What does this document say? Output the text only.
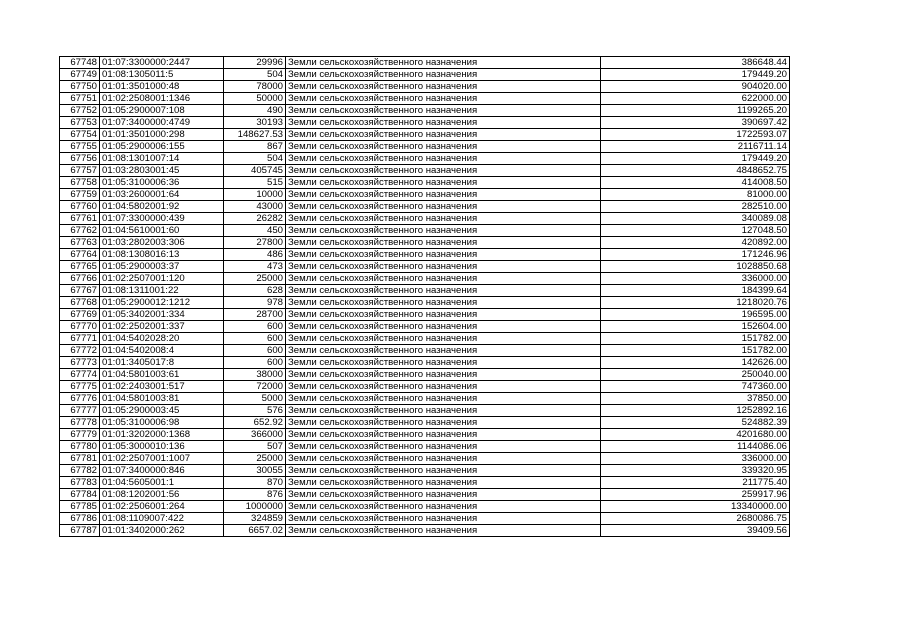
67748	01:07:3300000:2447	29996	Земли сельскохозяйственного назначения	386648.44
67749	01:08:1305011:5	504	Земли сельскохозяйственного назначения	179449.20
67750	01:01:3501000:48	78000	Земли сельскохозяйственного назначения	904020.00
67751	01:02:2508001:1346	50000	Земли сельскохозяйственного назначения	622000.00
67752	01:05:2900007:108	490	Земли сельскохозяйственного назначения	1199265.20
67753	01:07:3400000:4749	30193	Земли сельскохозяйственного назначения	390697.42
67754	01:01:3501000:298	148627.53	Земли сельскохозяйственного назначения	1722593.07
67755	01:05:2900006:155	867	Земли сельскохозяйственного назначения	2116711.14
67756	01:08:1301007:14	504	Земли сельскохозяйственного назначения	179449.20
67757	01:03:2803001:45	405745	Земли сельскохозяйственного назначения	4848652.75
67758	01:05:3100006:36	515	Земли сельскохозяйственного назначения	414008.50
67759	01:03:2600001:64	10000	Земли сельскохозяйственного назначения	81000.00
67760	01:04:5802001:92	43000	Земли сельскохозяйственного назначения	282510.00
67761	01:07:3300000:439	26282	Земли сельскохозяйственного назначения	340089.08
67762	01:04:5610001:60	450	Земли сельскохозяйственного назначения	127048.50
67763	01:03:2802003:306	27800	Земли сельскохозяйственного назначения	420892.00
67764	01:08:1308016:13	486	Земли сельскохозяйственного назначения	171246.96
67765	01:05:2900003:37	473	Земли сельскохозяйственного назначения	1028850.68
67766	01:02:2507001:120	25000	Земли сельскохозяйственного назначения	336000.00
67767	01:08:1311001:22	628	Земли сельскохозяйственного назначения	184399.64
67768	01:05:2900012:1212	978	Земли сельскохозяйственного назначения	1218020.76
67769	01:05:3402001:334	28700	Земли сельскохозяйственного назначения	196595.00
67770	01:02:2502001:337	600	Земли сельскохозяйственного назначения	152604.00
67771	01:04:5402028:20	600	Земли сельскохозяйственного назначения	151782.00
67772	01:04:5402008:4	600	Земли сельскохозяйственного назначения	151782.00
67773	01:01:3405017:8	600	Земли сельскохозяйственного назначения	142626.00
67774	01:04:5801003:61	38000	Земли сельскохозяйственного назначения	250040.00
67775	01:02:2403001:517	72000	Земли сельскохозяйственного назначения	747360.00
67776	01:04:5801003:81	5000	Земли сельскохозяйственного назначения	37850.00
67777	01:05:2900003:45	576	Земли сельскохозяйственного назначения	1252892.16
67778	01:05:3100006:98	652.92	Земли сельскохозяйственного назначения	524882.39
67779	01:01:3202000:1368	366000	Земли сельскохозяйственного назначения	4201680.00
67780	01:05:3000010:136	507	Земли сельскохозяйственного назначения	1144086.06
67781	01:02:2507001:1007	25000	Земли сельскохозяйственного назначения	336000.00
67782	01:07:3400000:846	30055	Земли сельскохозяйственного назначения	339320.95
67783	01:04:5605001:1	870	Земли сельскохозяйственного назначения	211775.40
67784	01:08:1202001:56	876	Земли сельскохозяйственного назначения	259917.96
67785	01:02:2506001:264	1000000	Земли сельскохозяйственного назначения	13340000.00
67786	01:08:1109007:422	324859	Земли сельскохозяйственного назначения	2680086.75
67787	01:01:3402000:262	6657.02	Земли сельскохозяйственного назначения	39409.56
